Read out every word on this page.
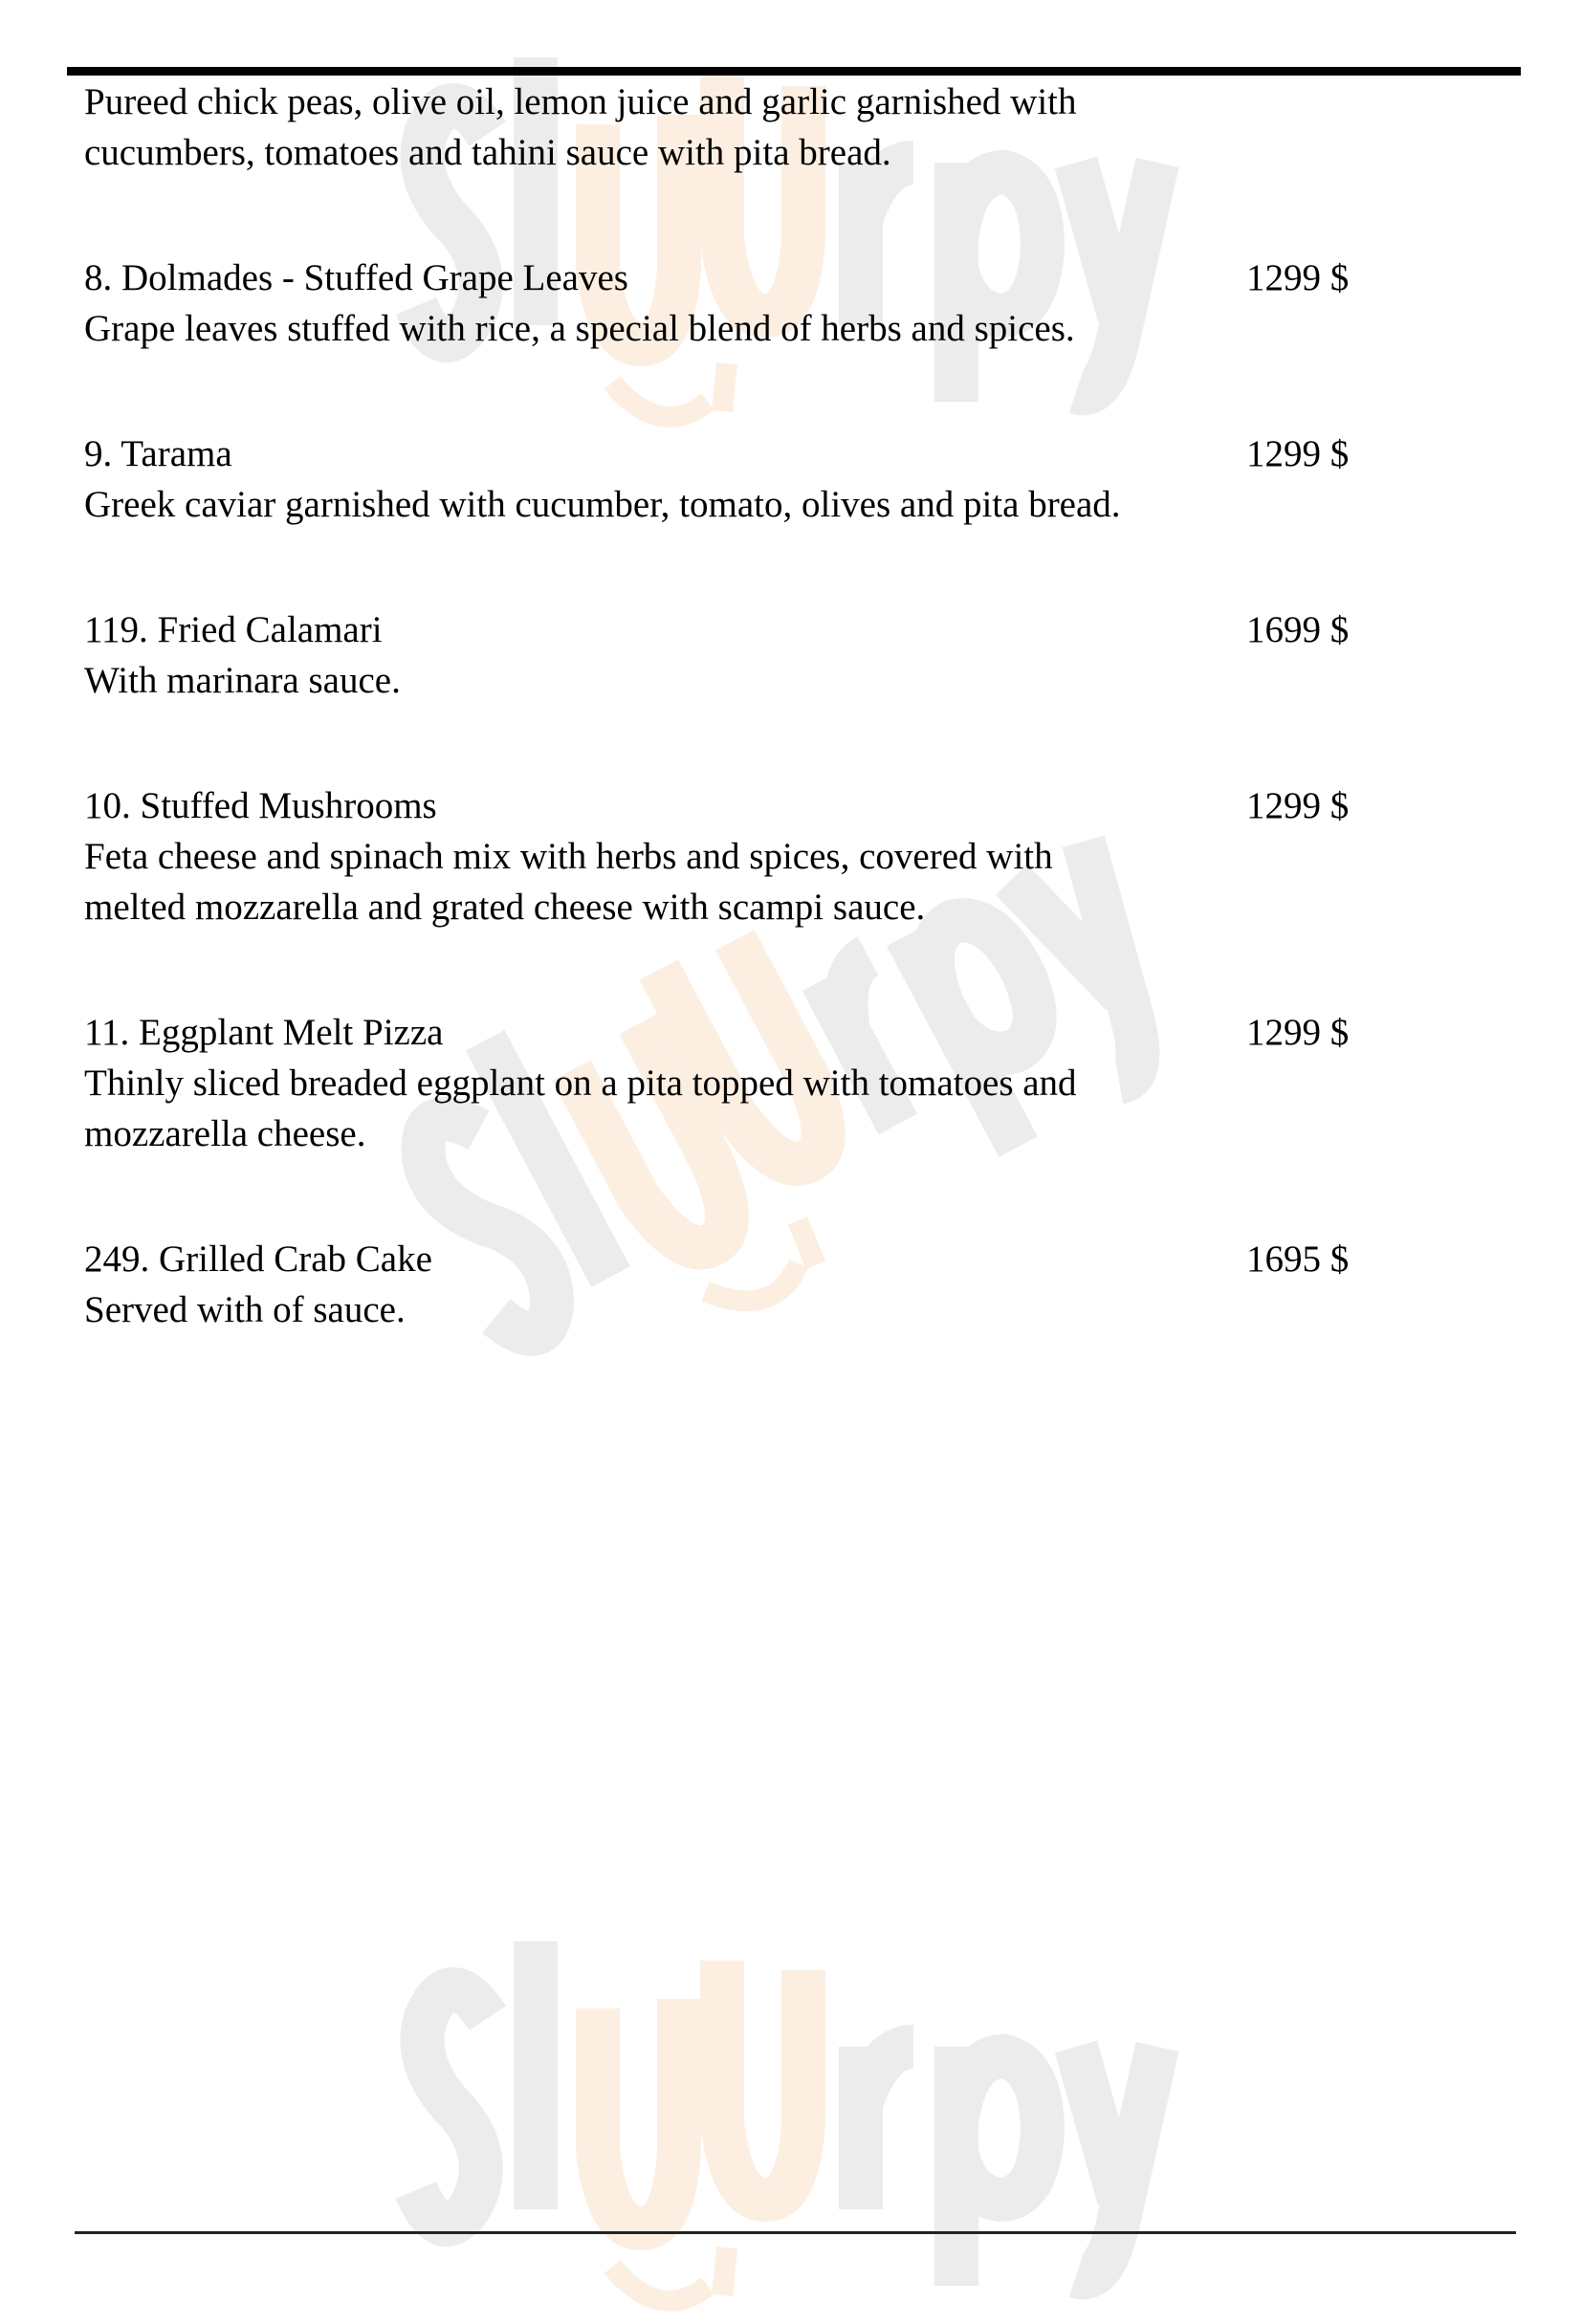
Pureed chick peas, olive oil, lemon juice and garlic garnished with
cucumbers, tomatoes and tahini sauce with pita bread.
8. Dolmades - Stuffed Grape Leaves	1299 $
Grape leaves stuffed with rice, a special blend of herbs and spices.
9. Tarama	1299 $
Greek caviar garnished with cucumber, tomato, olives and pita bread.
119. Fried Calamari	1699 $
With marinara sauce.
10. Stuffed Mushrooms	1299 $
Feta cheese and spinach mix with herbs and spices, covered with
melted mozzarella and grated cheese with scampi sauce.
11. Eggplant Melt Pizza	1299 $
Thinly sliced breaded eggplant on a pita topped with tomatoes and
mozzarella cheese.
249. Grilled Crab Cake	1695 $
Served with of sauce.
